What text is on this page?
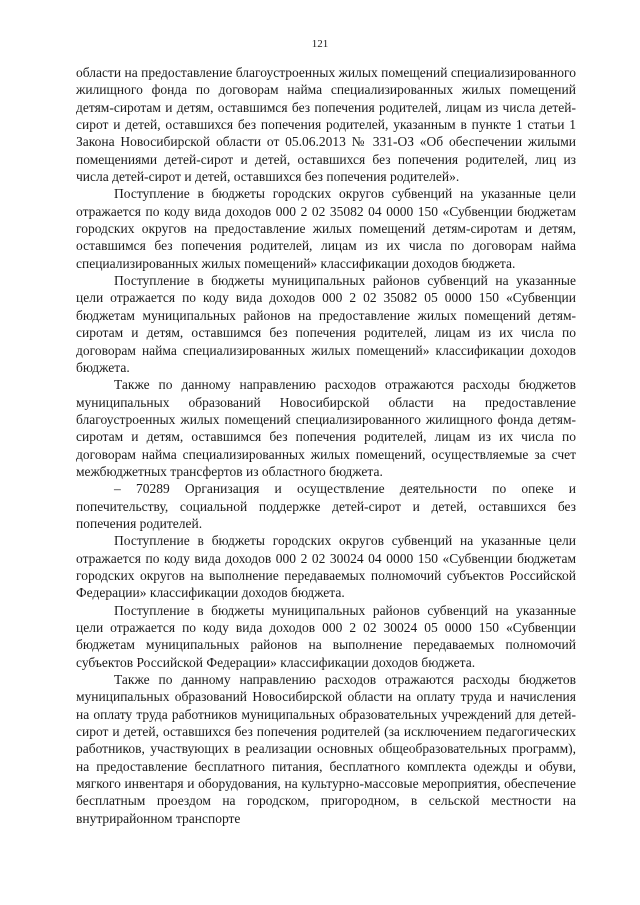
121

области на предоставление благоустроенных жилых помещений специализированного жилищного фонда по договорам найма специализированных жилых помещений детям-сиротам и детям, оставшимся без попечения родителей, лицам из числа детей-сирот и детей, оставшихся без попечения родителей, указанным в пункте 1 статьи 1 Закона Новосибирской области от 05.06.2013 № 331-ОЗ «Об обеспечении жилыми помещениями детей-сирот и детей, оставшихся без попечения родителей, лиц из числа детей-сирот и детей, оставшихся без попечения родителей».

Поступление в бюджеты городских округов субвенций на указанные цели отражается по коду вида доходов 000 2 02 35082 04 0000 150 «Субвенции бюджетам городских округов на предоставление жилых помещений детям-сиротам и детям, оставшимся без попечения родителей, лицам из их числа по договорам найма специализированных жилых помещений» классификации доходов бюджета.

Поступление в бюджеты муниципальных районов субвенций на указанные цели отражается по коду вида доходов 000 2 02 35082 05 0000 150 «Субвенции бюджетам муниципальных районов на предоставление жилых помещений детям-сиротам и детям, оставшимся без попечения родителей, лицам из их числа по договорам найма специализированных жилых помещений» классификации доходов бюджета.

Также по данному направлению расходов отражаются расходы бюджетов муниципальных образований Новосибирской области на предоставление благоустроенных жилых помещений специализированного жилищного фонда детям-сиротам и детям, оставшимся без попечения родителей, лицам из их числа по договорам найма специализированных жилых помещений, осуществляемые за счет межбюджетных трансфертов из областного бюджета.

– 70289 Организация и осуществление деятельности по опеке и попечительству, социальной поддержке детей-сирот и детей, оставшихся без попечения родителей.

Поступление в бюджеты городских округов субвенций на указанные цели отражается по коду вида доходов 000 2 02 30024 04 0000 150 «Субвенции бюджетам городских округов на выполнение передаваемых полномочий субъектов Российской Федерации» классификации доходов бюджета.

Поступление в бюджеты муниципальных районов субвенций на указанные цели отражается по коду вида доходов 000 2 02 30024 05 0000 150 «Субвенции бюджетам муниципальных районов на выполнение передаваемых полномочий субъектов Российской Федерации» классификации доходов бюджета.

Также по данному направлению расходов отражаются расходы бюджетов муниципальных образований Новосибирской области на оплату труда и начисления на оплату труда работников муниципальных образовательных учреждений для детей-сирот и детей, оставшихся без попечения родителей (за исключением педагогических работников, участвующих в реализации основных общеобразовательных программ), на предоставление бесплатного питания, бесплатного комплекта одежды и обуви, мягкого инвентаря и оборудования, на культурно-массовые мероприятия, обеспечение бесплатным проездом на городском, пригородном, в сельской местности на внутрирайонном транспорте
